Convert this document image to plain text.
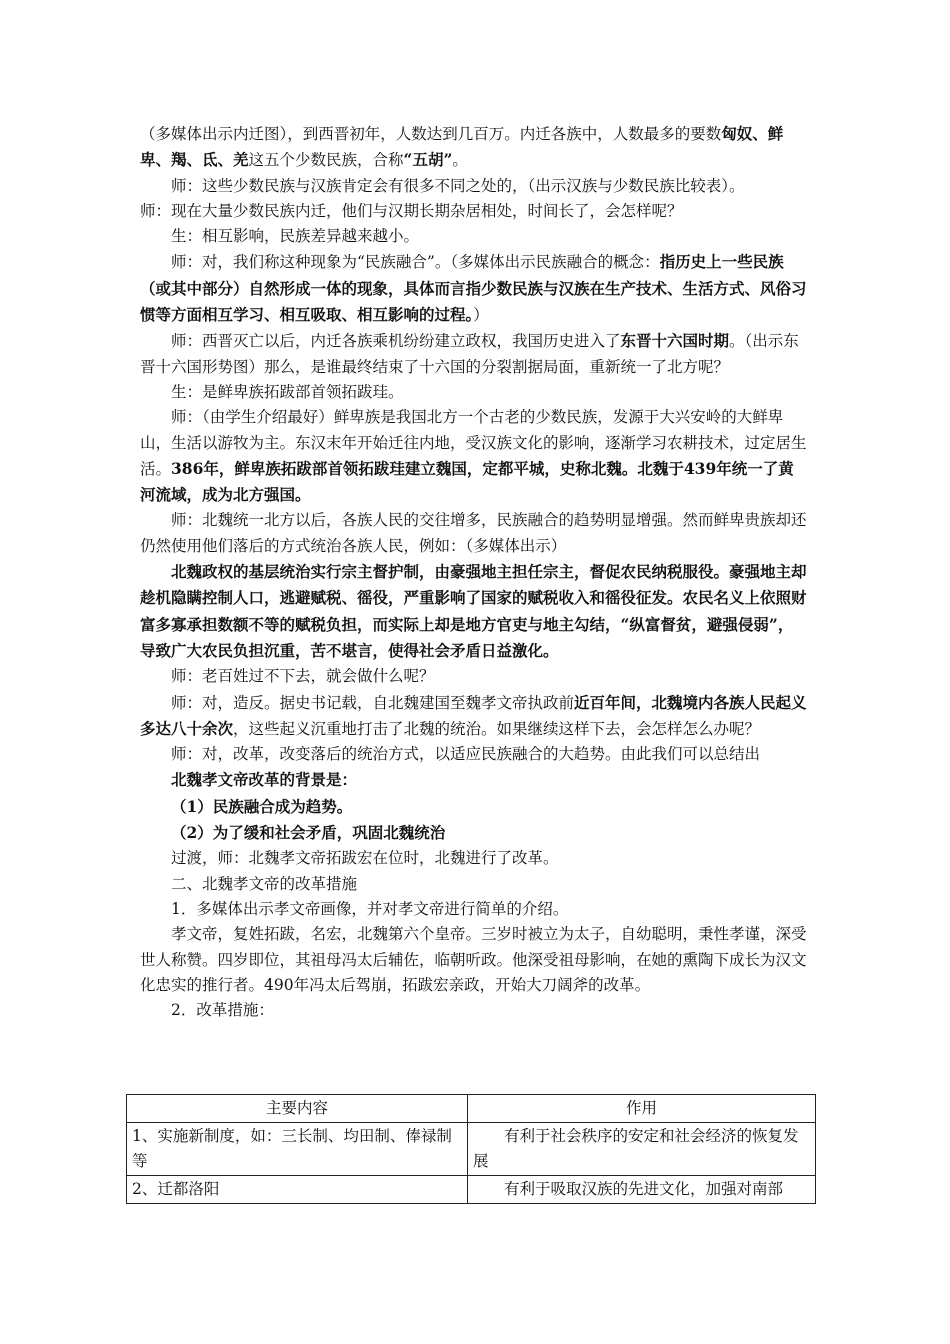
（多媒体出示内迁图），到西晋初年，人数达到几百万。内迁各族中，人数最多的要数匈奴、鲜卑、羯、氐、羌这五个少数民族，合称“五胡”。

师：这些少数民族与汉族肯定会有很多不同之处的，（出示汉族与少数民族比较表）。

师：现在大量少数民族内迁，他们与汉期长期杂居相处，时间长了，会怎样呢？

生：相互影响，民族差异越来越小。

师：对，我们称这种现象为“民族融合”。（多媒体出示民族融合的概念：指历史上一些民族（或其中部分）自然形成一体的现象，具体而言指少数民族与汉族在生产技术、生活方式、风俗习惯等方面相互学习、相互吸取、相互影响的过程。）

师：西晋灭亡以后，内迁各族乘机纷纷建立政权，我国历史进入了东晋十六国时期。（出示东晋十六国形势图）那么，是谁最终结束了十六国的分裂割据局面，重新统一了北方呢？

生：是鲜卑族拓跋部首领拓跋珪。

师：（由学生介绍最好）鲜卑族是我国北方一个古老的少数民族，发源于大兴安岭的大鲜卑山，生活以游牧为主。东汉末年开始迁往内地，受汉族文化的影响，逐渐学习农耕技术，过定居生活。386年，鲜卑族拓跋部首领拓跋珪建立魏国，定都平城，史称北魏。北魏于439年统一了黄河流域，成为北方强国。

师：北魏统一北方以后，各族人民的交往增多，民族融合的趋势明显增强。然而鲜卑贵族却还仍然使用他们落后的方式统治各族人民，例如：（多媒体出示）

北魏政权的基层统治实行宗主督护制，由豪强地主担任宗主，督促农民纳税服役。豪强地主却趁机隐瞒控制人口，逃避赋税、徭役，严重影响了国家的赋税收入和徭役征发。农民名义上依照财富多寡承担数额不等的赋税负担，而实际上却是地方官吏与地主勾结，“纵富督贫，避强侵弱”，导致广大农民负担沉重，苦不堪言，使得社会矛盾日益激化。

师：老百姓过不下去，就会做什么呢？

师：对，造反。据史书记载，自北魏建国至魏孝文帝执政前近百年间，北魏境内各族人民起义多达八十余次，这些起义沉重地打击了北魏的统治。如果继续这样下去，会怎样怎么办呢？

师：对，改革，改变落后的统治方式，以适应民族融合的大趋势。由此我们可以总结出

北魏孝文帝改革的背景是：

（1）民族融合成为趋势。

（2）为了缓和社会矛盾，巩固北魏统治

过渡，师：北魏孝文帝拓跋宏在位时，北魏进行了改革。

二、北魏孝文帝的改革措施

1．多媒体出示孝文帝画像，并对孝文帝进行简单的介绍。

孝文帝，复姓拓跋，名宏，北魏第六个皇帝。三岁时被立为太子，自幼聪明，秉性孝谨，深受世人称赞。四岁即位，其祖母冯太后辅佐，临朝听政。他深受祖母影响，在她的熏陶下成长为汉文化忠实的推行者。490年冯太后驾崩，拓跋宏亲政，开始大刀阔斧的改革。

2．改革措施：

主要内容	作用
1、实施新制度，如：三长制、均田制、俸禄制等	有利于社会秩序的安定和社会经济的恢复发展
2、迁都洛阳	有利于吸取汉族的先进文化，加强对南部
